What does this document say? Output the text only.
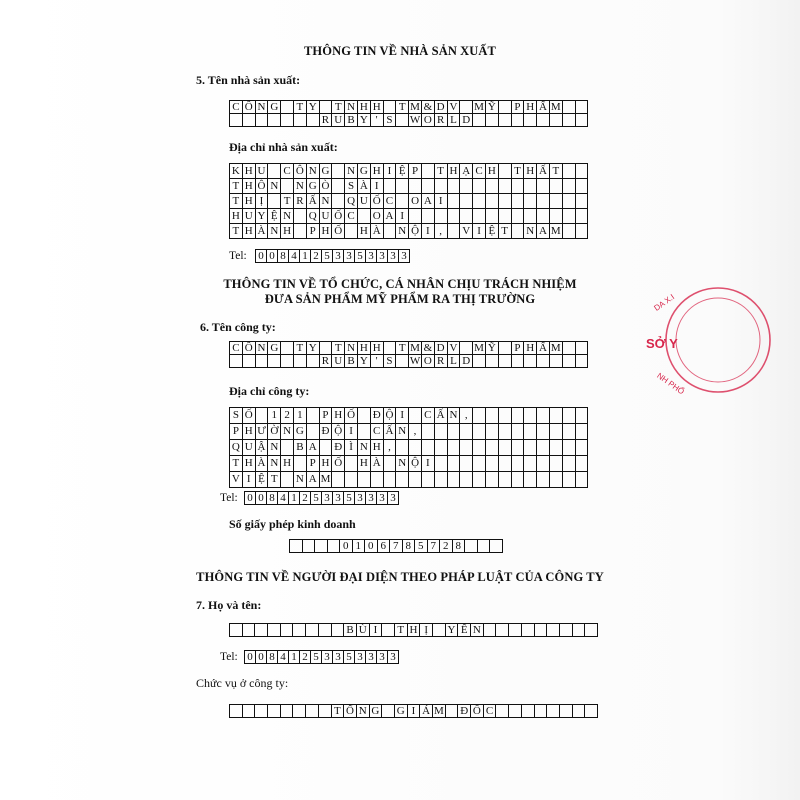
THÔNG TIN VỀ NHÀ SẢN XUẤT
5. Tên nhà sản xuất:
C Ô N G T Y T N H H T M & D V M Ỹ P H Ẩ M
R U B Y ' S	W O R L D
Địa chỉ nhà sản xuất:
K H U C Ô N G N G H I Ệ P	T H Ạ C H T H Ấ T
T H Ô N N G Ò S À I
T H Ị	T R Ấ N Q U Ố C O A I
H U Y Ệ N Q U Ố C O A I
T H À N H P H Ố H À N Ộ I ,	V I Ệ T	N A M
Tel: 0 0 8 4 1 2 5 3 3 5 3 3 3 3
THÔNG TIN VỀ TỔ CHỨC, CÁ NHÂN CHỊU TRÁCH NHIỆM
ĐƯA SẢN PHẨM MỸ PHẨM RA THỊ TRƯỜNG
6. Tên công ty:
C Ô N G T Y T N H H T M & D V M Ỹ P H Ẩ M
R U B Y ' S	W O R L D
Địa chỉ công ty:
S Ố 1 2 1	P H Ố Đ Ộ I	C Ấ N ,
P H Ư Ờ N G Đ Ộ I	C Ấ N ,
Q U Ậ N B A Đ Ì N H ,
T H À N H P H Ố H À N Ộ I
V I Ệ T	N A M
Tel: 0 0 8 4 1 2 5 3 3 5 3 3 3 3
Số giấy phép kinh doanh
0 1 0 6 7 8 5 7 2 8
THÔNG TIN VỀ NGƯỜI ĐẠI DIỆN THEO PHÁP LUẬT CỦA CÔNG TY
7. Họ và tên:
B Ù I	T H Ị	Y Ế N
Tel: 0 0 8 4 1 2 5 3 3 5 3 3 3 3
Chức vụ ở công ty:
T Ổ N G G I Á M Đ Ố C
DA X.I
SỞ Y
NH PHỐ
